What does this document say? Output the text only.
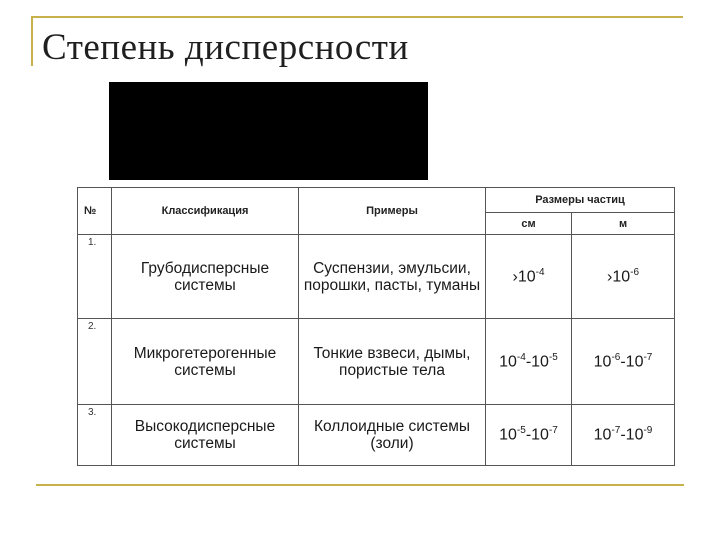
Степень дисперсности
№	Классификация	Примеры	Размеры частиц	
			см	м
1.	Грубодисперсные системы	Суспензии, эмульсии, порошки, пасты, туманы	$›10^{-4}$	$›10^{-6}$
2.	Микрогетерогенные системы	Тонкие взвеси, дымы, пористые тела	$10^{-4}-10^{-5}$	$10^{-6}-10^{-7}$
3.	Высокодисперсные системы	Коллоидные системы (золи)	$10^{-5}-10^{-7}$	$10^{-7}-10^{-9}$
